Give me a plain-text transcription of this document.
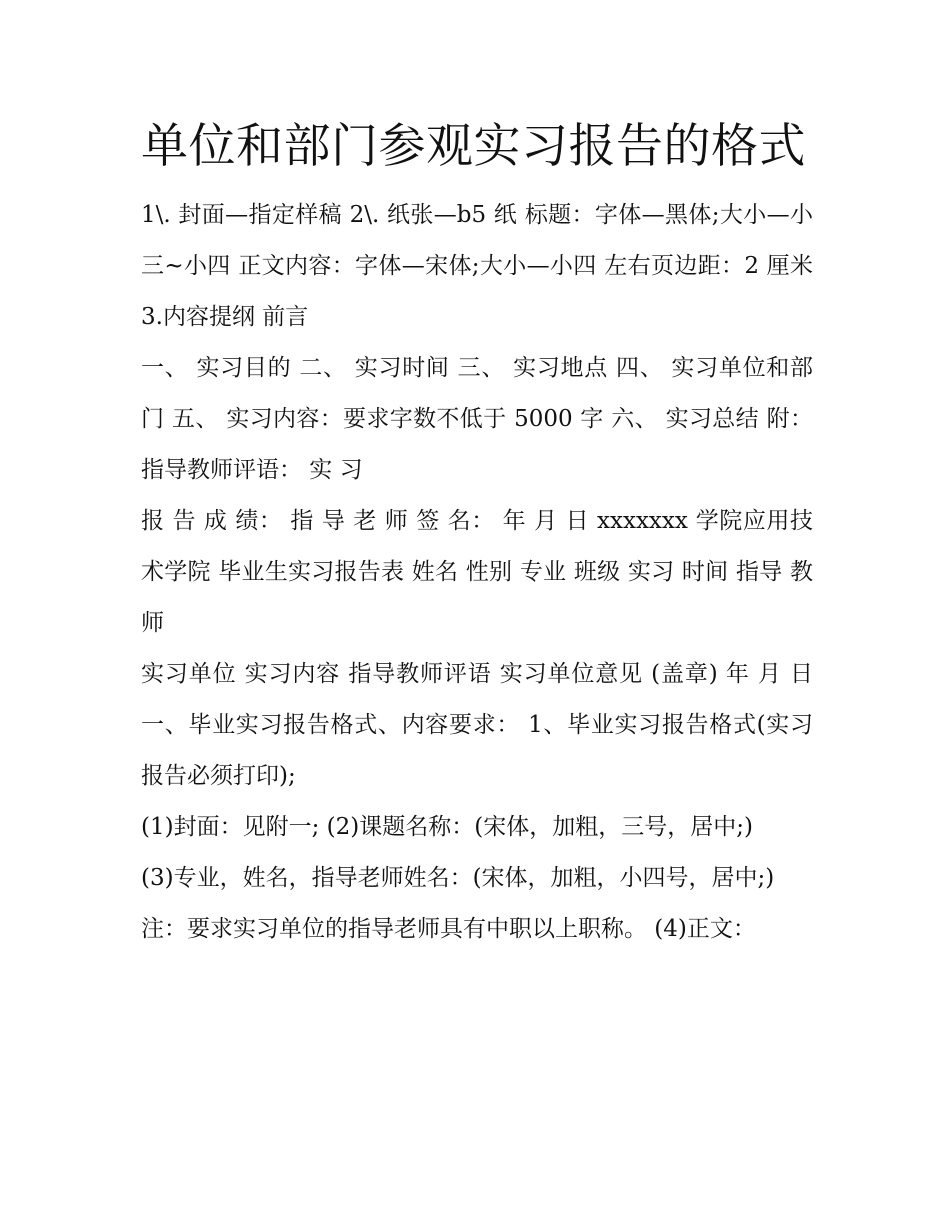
单位和部门参观实习报告的格式

1\. 封面—指定样稿 2\. 纸张—b5 纸 标题：字体—黑体;大小—小三~小四 正文内容：字体—宋体;大小—小四 左右页边距：2 厘米 3.内容提纲 前言

一、 实习目的 二、 实习时间 三、 实习地点 四、 实习单位和部门 五、 实习内容：要求字数不低于 5000 字 六、 实习总结 附：指导教师评语： 实 习

报 告 成 绩： 指 导 老 师 签 名： 年 月 日 xxxxxxx 学院应用技术学院 毕业生实习报告表 姓名 性别 专业 班级 实习 时间 指导 教师

实习单位 实习内容 指导教师评语 实习单位意见 (盖章) 年 月 日 一、毕业实习报告格式、内容要求： 1、毕业实习报告格式(实习报告必须打印);

(1)封面：见附一; (2)课题名称：(宋体，加粗，三号，居中;)

(3)专业，姓名，指导老师姓名：(宋体，加粗，小四号，居中;)

注：要求实习单位的指导老师具有中职以上职称。 (4)正文：
